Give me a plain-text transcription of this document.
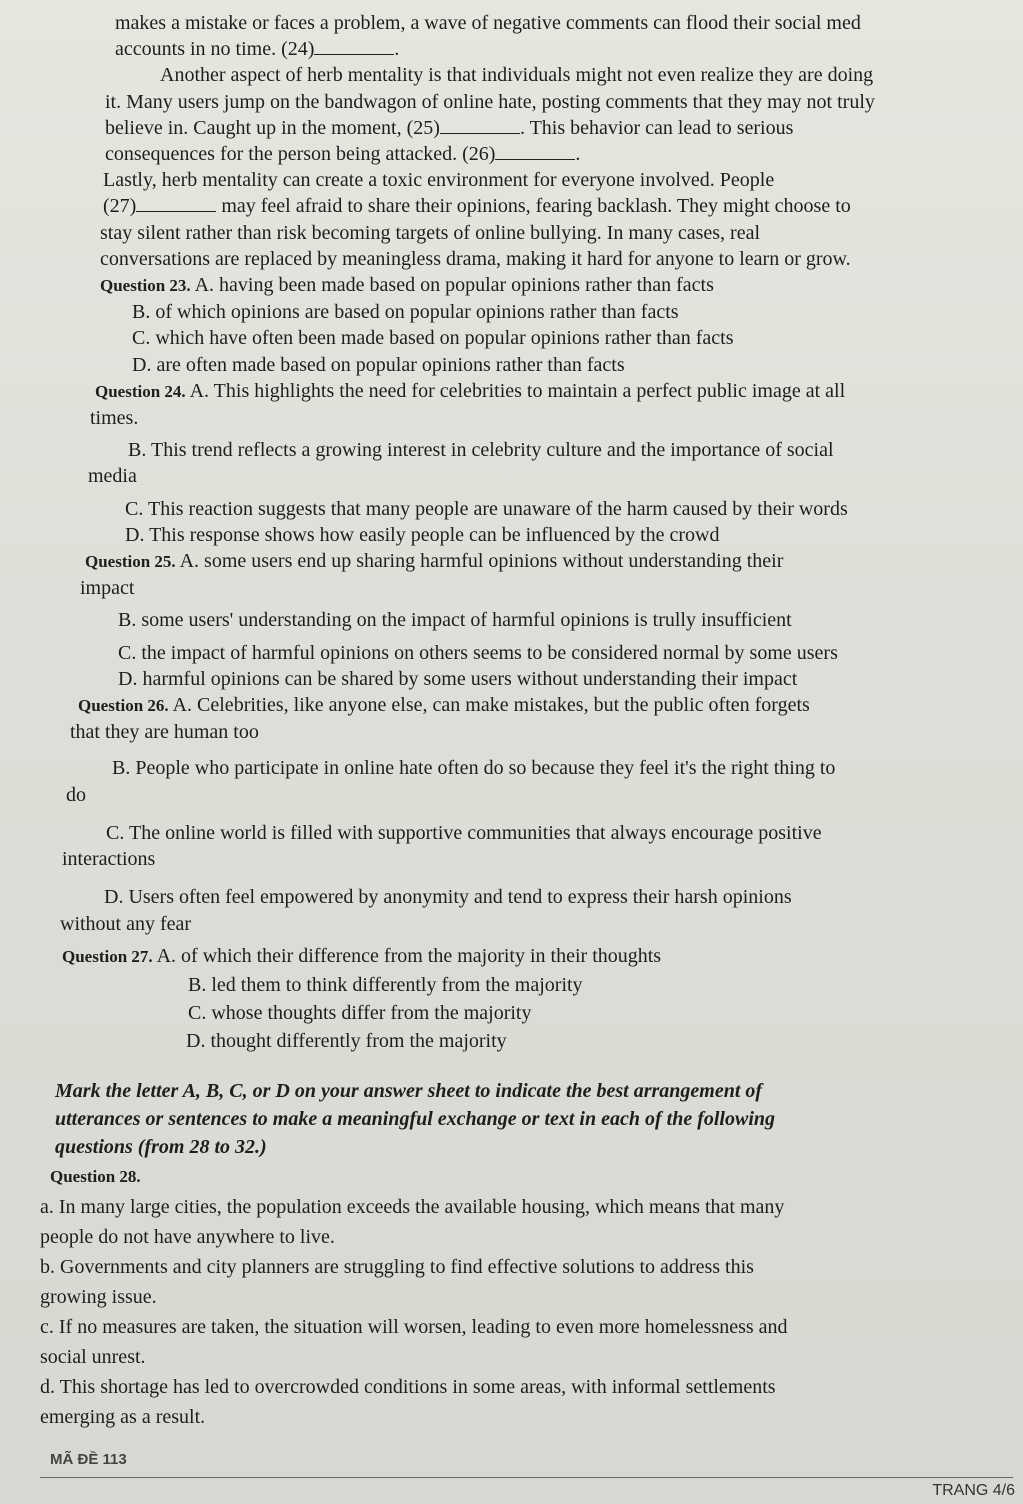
makes a mistake or faces a problem, a wave of negative comments can flood their social med
accounts in no time. (24)	.
Another aspect of herb mentality is that individuals might not even realize they are doing
it. Many users jump on the bandwagon of online hate, posting comments that they may not truly
believe in. Caught up in the moment, (25)	. This behavior can lead to serious
consequences for the person being attacked. (26)	.
Lastly, herb mentality can create a toxic environment for everyone involved. People
(27)	may feel afraid to share their opinions, fearing backlash. They might choose to
stay silent rather than risk becoming targets of online bullying. In many cases, real
conversations are replaced by meaningless drama, making it hard for anyone to learn or grow.
Question 23. A. having been made based on popular opinions rather than facts
B. of which opinions are based on popular opinions rather than facts
C. which have often been made based on popular opinions rather than facts
D. are often made based on popular opinions rather than facts
Question 24. A. This highlights the need for celebrities to maintain a perfect public image at all
times.
B. This trend reflects a growing interest in celebrity culture and the importance of social
media
C. This reaction suggests that many people are unaware of the harm caused by their words
D. This response shows how easily people can be influenced by the crowd
Question 25. A. some users end up sharing harmful opinions without understanding their
impact
B. some users' understanding on the impact of harmful opinions is trully insufficient
C. the impact of harmful opinions on others seems to be considered normal by some users
D. harmful opinions can be shared by some users without understanding their impact
Question 26. A. Celebrities, like anyone else, can make mistakes, but the public often forgets
that they are human too
B. People who participate in online hate often do so because they feel it's the right thing to
do
C. The online world is filled with supportive communities that always encourage positive
interactions
D. Users often feel empowered by anonymity and tend to express their harsh opinions
without any fear
Question 27. A. of which their difference from the majority in their thoughts
B. led them to think differently from the majority
C. whose thoughts differ from the majority
D. thought differently from the majority
Mark the letter A, B, C, or D on your answer sheet to indicate the best arrangement of
utterances or sentences to make a meaningful exchange or text in each of the following
questions (from 28 to 32.)
Question 28.
a. In many large cities, the population exceeds the available housing, which means that many
people do not have anywhere to live.
b. Governments and city planners are struggling to find effective solutions to address this
growing issue.
c. If no measures are taken, the situation will worsen, leading to even more homelessness and
social unrest.
d. This shortage has led to overcrowded conditions in some areas, with informal settlements
emerging as a result.
MÃ ĐỀ 113
TRANG 4/6
